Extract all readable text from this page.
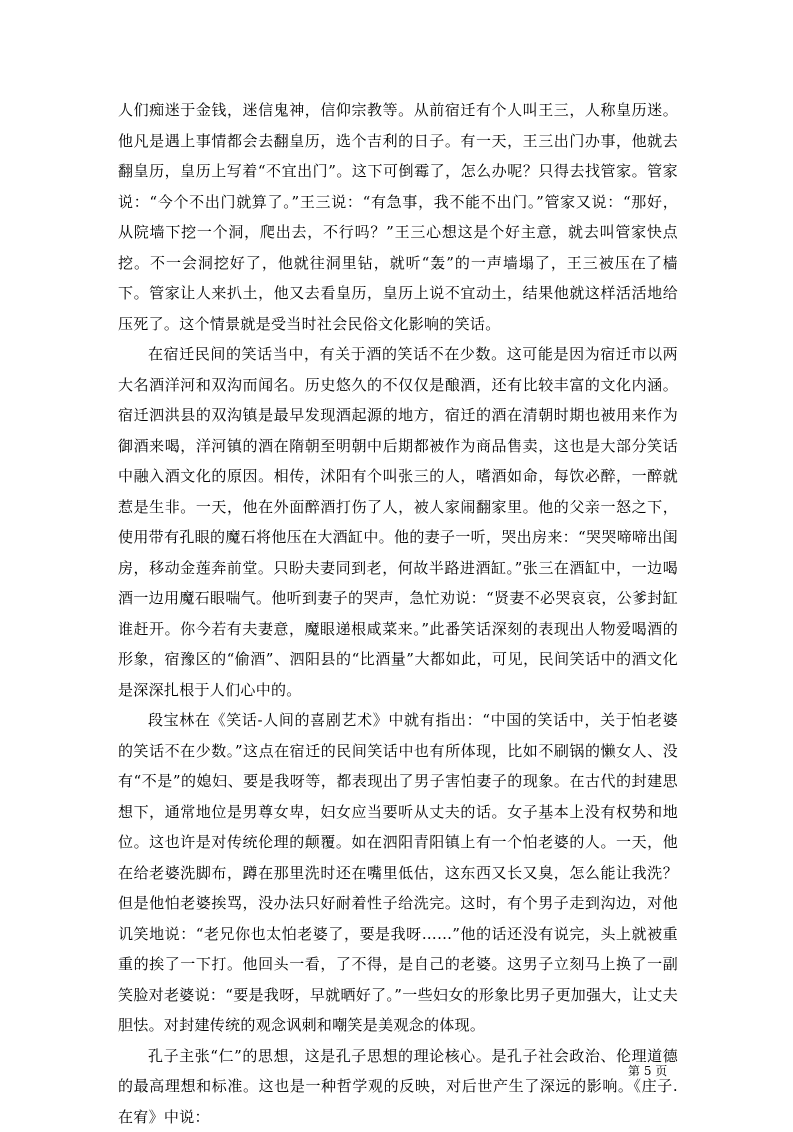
人们痴迷于金钱，迷信鬼神，信仰宗教等。从前宿迁有个人叫王三，人称皇历迷。他凡是遇上事情都会去翻皇历，选个吉利的日子。有一天，王三出门办事，他就去翻皇历，皇历上写着“不宜出门”。这下可倒霉了，怎么办呢？只得去找管家。管家说：“今个不出门就算了。”王三说：“有急事，我不能不出门。”管家又说：“那好，从院墙下挖一个洞，爬出去，不行吗？”王三心想这是个好主意，就去叫管家快点挖。不一会洞挖好了，他就往洞里钻，就听“轰”的一声墙塌了，王三被压在了樯下。管家让人来扒土，他又去看皇历，皇历上说不宜动土，结果他就这样活活地给压死了。这个情景就是受当时社会民俗文化影响的笑话。

在宿迁民间的笑话当中，有关于酒的笑话不在少数。这可能是因为宿迁市以两大名酒洋河和双沟而闻名。历史悠久的不仅仅是酿酒，还有比较丰富的文化内涵。宿迁泗洪县的双沟镇是最早发现酒起源的地方，宿迁的酒在清朝时期也被用来作为御酒来喝，洋河镇的酒在隋朝至明朝中后期都被作为商品售卖，这也是大部分笑话中融入酒文化的原因。相传，沭阳有个叫张三的人，嗜酒如命，每饮必醉，一醉就惹是生非。一天，他在外面醉酒打伤了人，被人家闹翻家里。他的父亲一怒之下，使用带有孔眼的魔石将他压在大酒缸中。他的妻子一听，哭出房来：“哭哭啼啼出闺房，移动金莲奔前堂。只盼夫妻同到老，何故半路进酒缸。”张三在酒缸中，一边喝酒一边用魔石眼喘气。他听到妻子的哭声，急忙劝说：“贤妻不必哭哀哀，公爹封缸谁赶开。你今若有夫妻意，魔眼递根咸菜来。”此番笑话深刻的表现出人物爱喝酒的形象，宿豫区的“偷酒”、泗阳县的“比酒量”大都如此，可见，民间笑话中的酒文化是深深扎根于人们心中的。

段宝林在《笑话-人间的喜剧艺术》中就有指出：“中国的笑话中，关于怕老婆的笑话不在少数。”这点在宿迁的民间笑话中也有所体现，比如不刷锅的懒女人、没有“不是”的媳妇、要是我呀等，都表现出了男子害怕妻子的现象。在古代的封建思想下，通常地位是男尊女卑，妇女应当要听从丈夫的话。女子基本上没有权势和地位。这也许是对传统伦理的颠覆。如在泗阳青阳镇上有一个怕老婆的人。一天，他在给老婆洗脚布，蹲在那里洗时还在嘴里低估，这东西又长又臭，怎么能让我洗？但是他怕老婆挨骂，没办法只好耐着性子给洗完。这时，有个男子走到沟边，对他讥笑地说：“老兄你也太怕老婆了，要是我呀……”他的话还没有说完，头上就被重重的挨了一下打。他回头一看，了不得，是自己的老婆。这男子立刻马上换了一副笑脸对老婆说：“要是我呀，早就晒好了。”一些妇女的形象比男子更加强大，让丈夫胆怯。对封建传统的观念讽刺和嘲笑是美观念的体现。

孔子主张“仁”的思想，这是孔子思想的理论核心。是孔子社会政治、伦理道德的最高理想和标准。这也是一种哲学观的反映，对后世产生了深远的影响。《庄子.在宥》中说：

第 5 页
